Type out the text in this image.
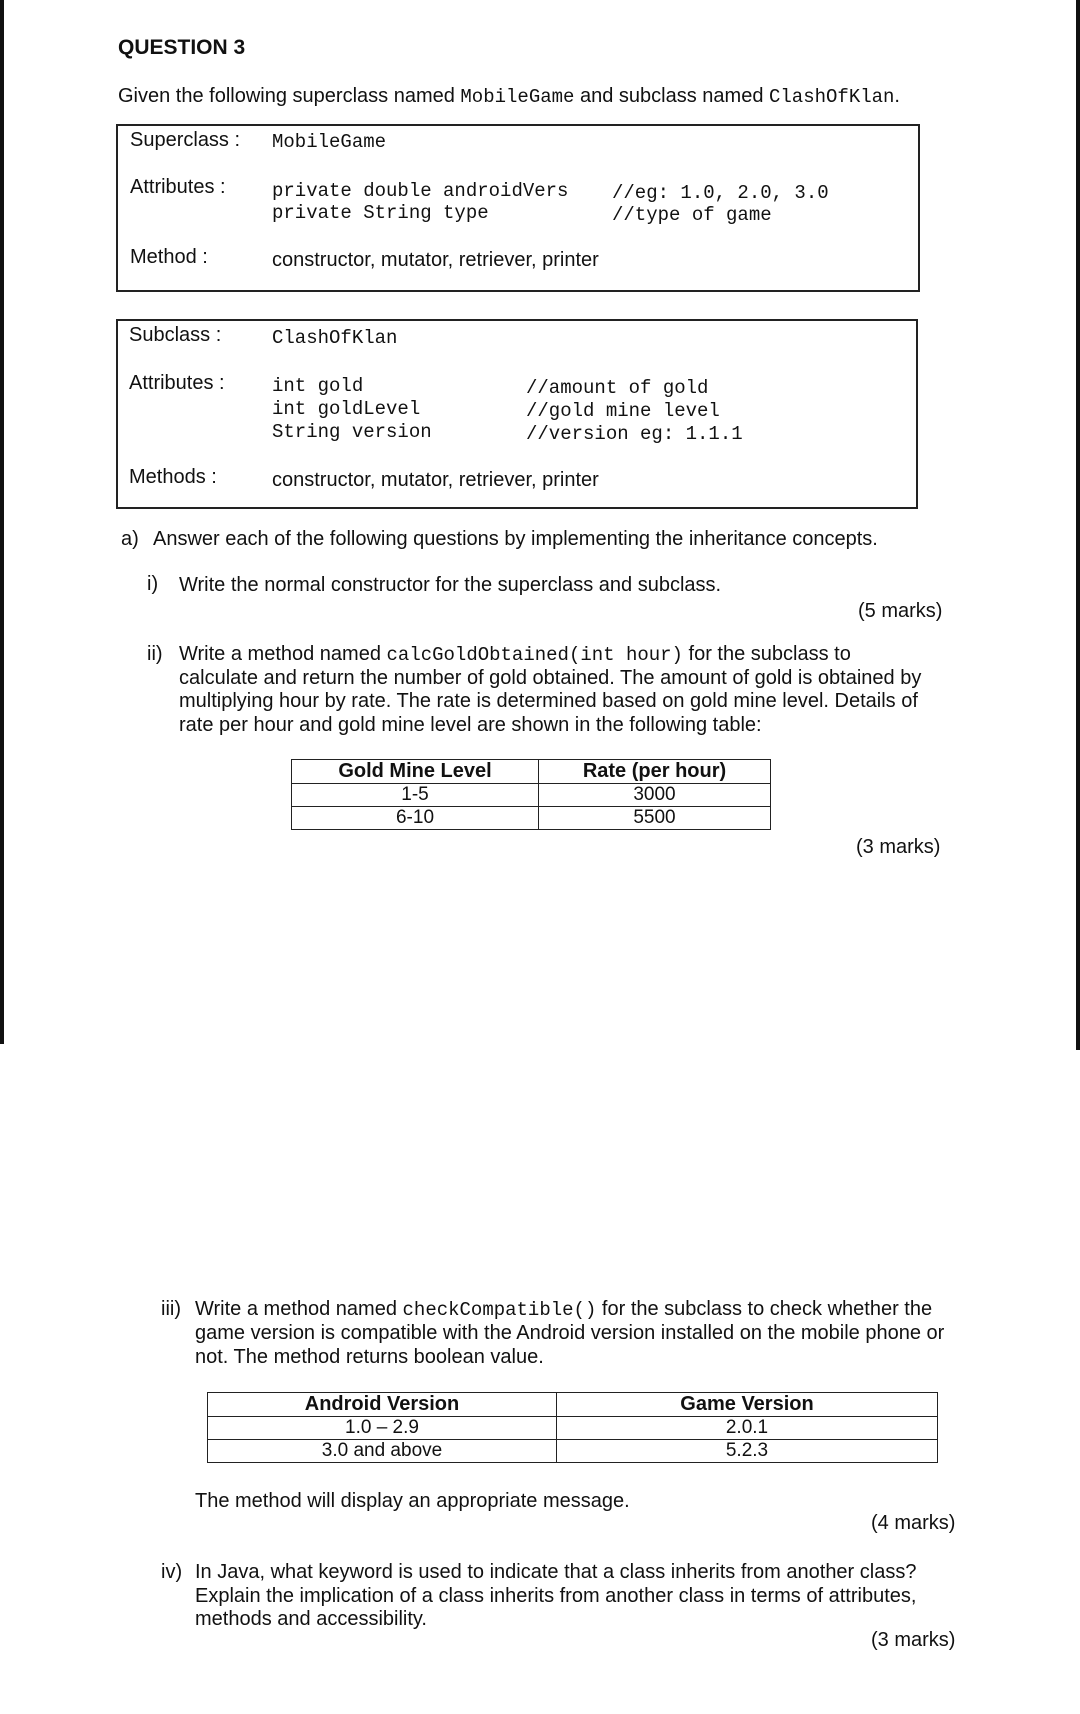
QUESTION 3
Given the following superclass named MobileGame and subclass named ClashOfKlan.
Superclass : MobileGame
Attributes : private double androidVers //eg: 1.0, 2.0, 3.0
private String type	//type of game
Method :	constructor, mutator, retriever, printer
Subclass :	ClashOfKlan
Attributes : int gold	//amount of gold
int goldLevel	//gold mine level
String version	//version eg: 1.1.1
Methods :	constructor, mutator, retriever, printer
a) Answer each of the following questions by implementing the inheritance concepts.
i) Write the normal constructor for the superclass and subclass.
(5 marks)
ii) Write a method named calcGoldObtained(int hour) for the subclass to
calculate and return the number of gold obtained. The amount of gold is obtained by
multiplying hour by rate. The rate is determined based on gold mine level. Details of
rate per hour and gold mine level are shown in the following table:
Gold Mine Level	Rate (per hour)
1-5	3000
6-10	5500
(3 marks)
iii) Write a method named checkCompatible() for the subclass to check whether the
game version is compatible with the Android version installed on the mobile phone or
not. The method returns boolean value.
Android Version	Game Version
1.0 – 2.9	2.0.1
3.0 and above	5.2.3
The method will display an appropriate message.
(4 marks)
iv) In Java, what keyword is used to indicate that a class inherits from another class?
Explain the implication of a class inherits from another class in terms of attributes,
methods and accessibility.
(3 marks)
